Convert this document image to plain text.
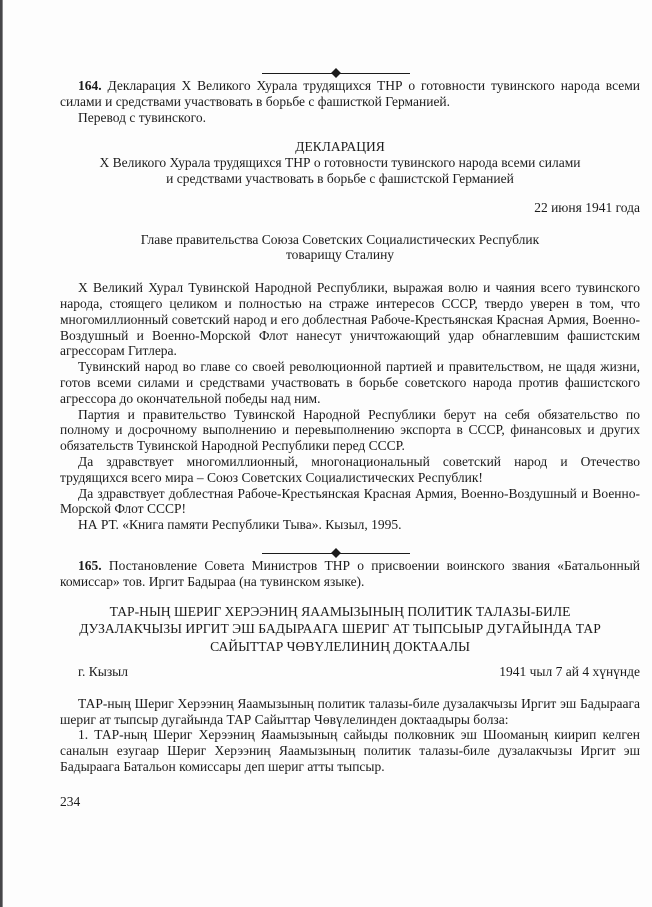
164. Декларация X Великого Хурала трудящихся ТНР о готовности тувинского народа всеми силами и средствами участвовать в борьбе с фашисткой Германией.

Перевод с тувинского.

ДЕКЛАРАЦИЯ
X Великого Хурала трудящихся ТНР о готовности тувинского народа всеми силами
и средствами участвовать в борьбе с фашистской Германией
22 июня 1941 года
Главе правительства Союза Советских Социалистических Республик
товарищу Сталину

X Великий Хурал Тувинской Народной Республики, выражая волю и чаяния всего тувинского народа, стоящего целиком и полностью на страже интересов СССР, твердо уверен в том, что многомиллионный советский народ и его доблестная Рабоче-Крестьянская Красная Армия, Военно-Воздушный и Военно-Морской Флот нанесут уничтожающий удар обнаглевшим фашистским агрессорам Гитлера.

Тувинский народ во главе со своей революционной партией и правительством, не щадя жизни, готов всеми силами и средствами участвовать в борьбе советского народа против фашистского агрессора до окончательной победы над ним.

Партия и правительство Тувинской Народной Республики берут на себя обязательство по полному и досрочному выполнению и перевыполнению экспорта в СССР, финансовых и других обязательств Тувинской Народной Республики перед СССР.

Да здравствует многомиллионный, многонациональный советский народ и Отечество трудящихся всего мира – Союз Советских Социалистических Республик!

Да здравствует доблестная Рабоче-Крестьянская Красная Армия, Военно-Воздушный и Военно-Морской Флот СССР!

НА РТ. «Книга памяти Республики Тыва». Кызыл, 1995.

165. Постановление Совета Министров ТНР о присвоении воинского звания «Батальонный комиссар» тов. Иргит Бадыраа (на тувинском языке).

ТАР-НЫҢ ШЕРИГ ХЕРЭЭНИҢ ЯААМЫЗЫНЫҢ ПОЛИТИК ТАЛАЗЫ-БИЛЕ
ДУЗАЛАКЧЫЗЫ ИРГИТ ЭШ БАДЫРААГА ШЕРИГ АТ ТЫПСЫЫР ДУГАЙЫНДА ТАР
САЙЫТТАР ЧӨВҮЛЕЛИНИҢ ДОКТААЛЫ
г. Кызыл	1941 чыл 7 ай 4 хүнүнде

ТАР-ның Шериг Херээниң Яаамызының политик талазы-биле дузалакчызы Иргит эш Бадыраага шериг ат тыпсыр дугайында ТАР Сайыттар Чөвүлелинден доктаадыры болза:

1. ТАР-ның Шериг Херээниң Яаамызының сайыды полковник эш Шооманың киирип келген саналын езугаар Шериг Херээниң Яаамызының политик талазы-биле дузалакчызы Иргит эш Бадыраага Батальон комиссары деп шериг атты тыпсыр.

234
